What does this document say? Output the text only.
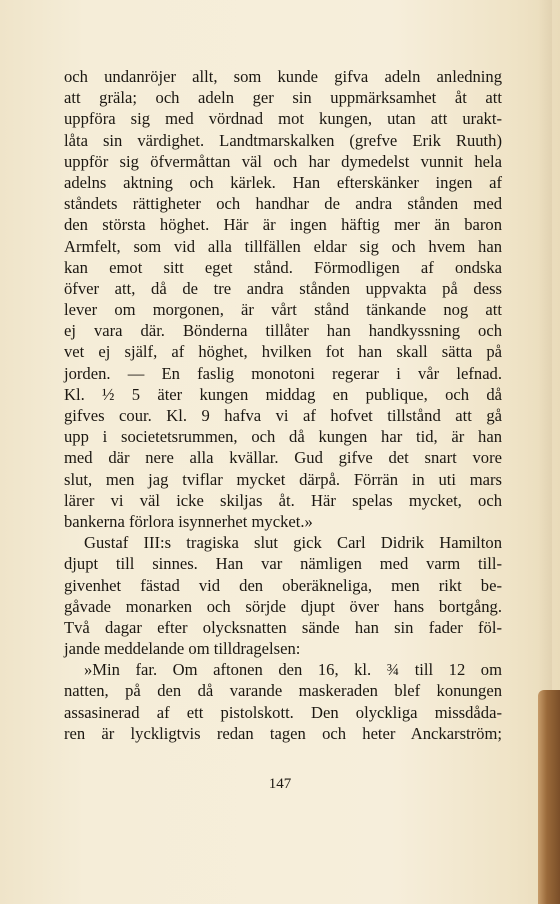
och undanröjer allt, som kunde gifva adeln anledning
att gräla; och adeln ger sin uppmärksamhet åt att
uppföra sig med vördnad mot kungen, utan att urakt-
låta sin värdighet. Landtmarskalken (grefve Erik Ruuth)
uppför sig öfvermåttan väl och har dymedelst vunnit hela
adelns aktning och kärlek. Han efterskänker ingen af
ståndets rättigheter och handhar de andra stånden med
den största höghet. Här är ingen häftig mer än baron
Armfelt, som vid alla tillfällen eldar sig och hvem han
kan emot sitt eget stånd. Förmodligen af ondska
öfver att, då de tre andra stånden uppvakta på dess
lever om morgonen, är vårt stånd tänkande nog att
ej vara där. Bönderna tillåter han handkyssning och
vet ej själf, af höghet, hvilken fot han skall sätta på
jorden. — En faslig monotoni regerar i vår lefnad.
Kl. ½ 5 äter kungen middag en publique, och då
gifves cour. Kl. 9 hafva vi af hofvet tillstånd att gå
upp i societetsrummen, och då kungen har tid, är han
med där nere alla kvällar. Gud gifve det snart vore
slut, men jag tviflar mycket därpå. Förrän in uti mars
lärer vi väl icke skiljas åt. Här spelas mycket, och
bankerna förlora isynnerhet mycket.»
Gustaf III:s tragiska slut gick Carl Didrik Hamilton
djupt till sinnes. Han var nämligen med varm till-
givenhet fästad vid den oberäkneliga, men rikt be-
gåvade monarken och sörjde djupt över hans bortgång.
Två dagar efter olycksnatten sände han sin fader föl-
jande meddelande om tilldragelsen:
»Min far. Om aftonen den 16, kl. ¾ till 12 om
natten, på den då varande maskeraden blef konungen
assasinerad af ett pistolskott. Den olyckliga missdåda-
ren är lyckligtvis redan tagen och heter Anckarström;
147
